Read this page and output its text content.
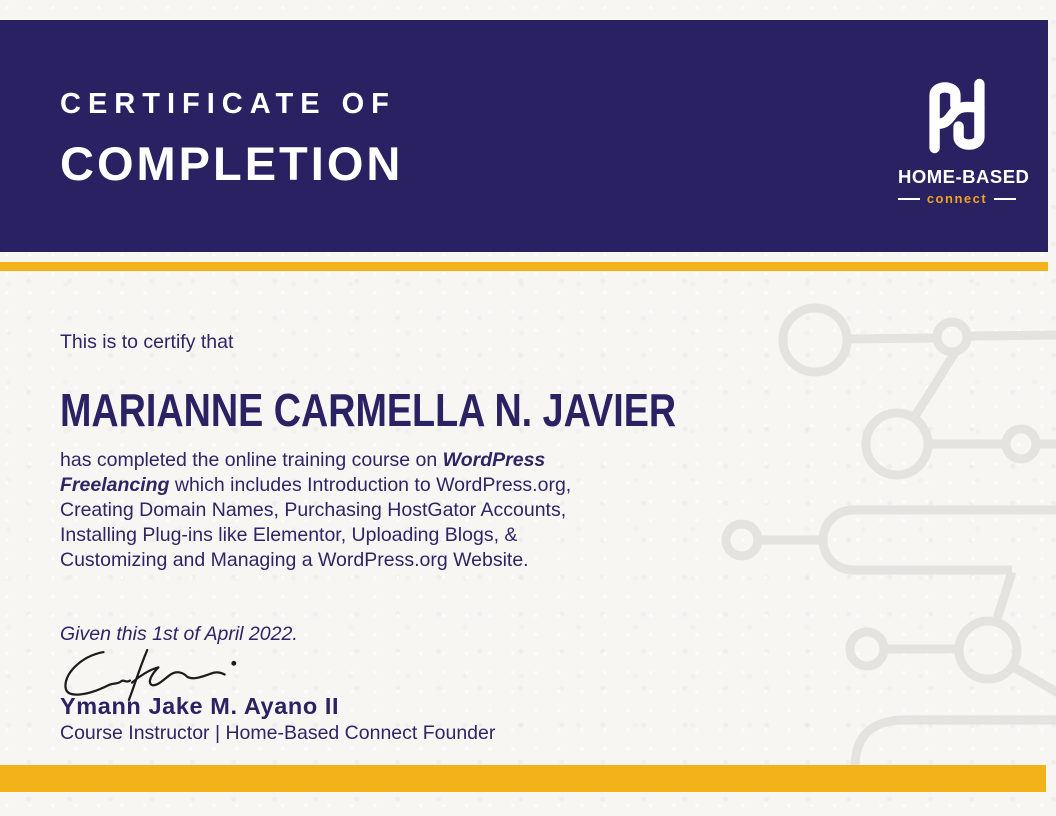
CERTIFICATE OF
COMPLETION	HOME-BASED
connect

This is to certify that

MARIANNE CARMELLA N. JAVIER

has completed the online training course on WordPress Freelancing which includes Introduction to WordPress.org, Creating Domain Names, Purchasing HostGator Accounts, Installing Plug-ins like Elementor, Uploading Blogs, & Customizing and Managing a WordPress.org Website.

Given this 1st of April 2022.

Ymann Jake M. Ayano II

Course Instructor | Home-Based Connect Founder
